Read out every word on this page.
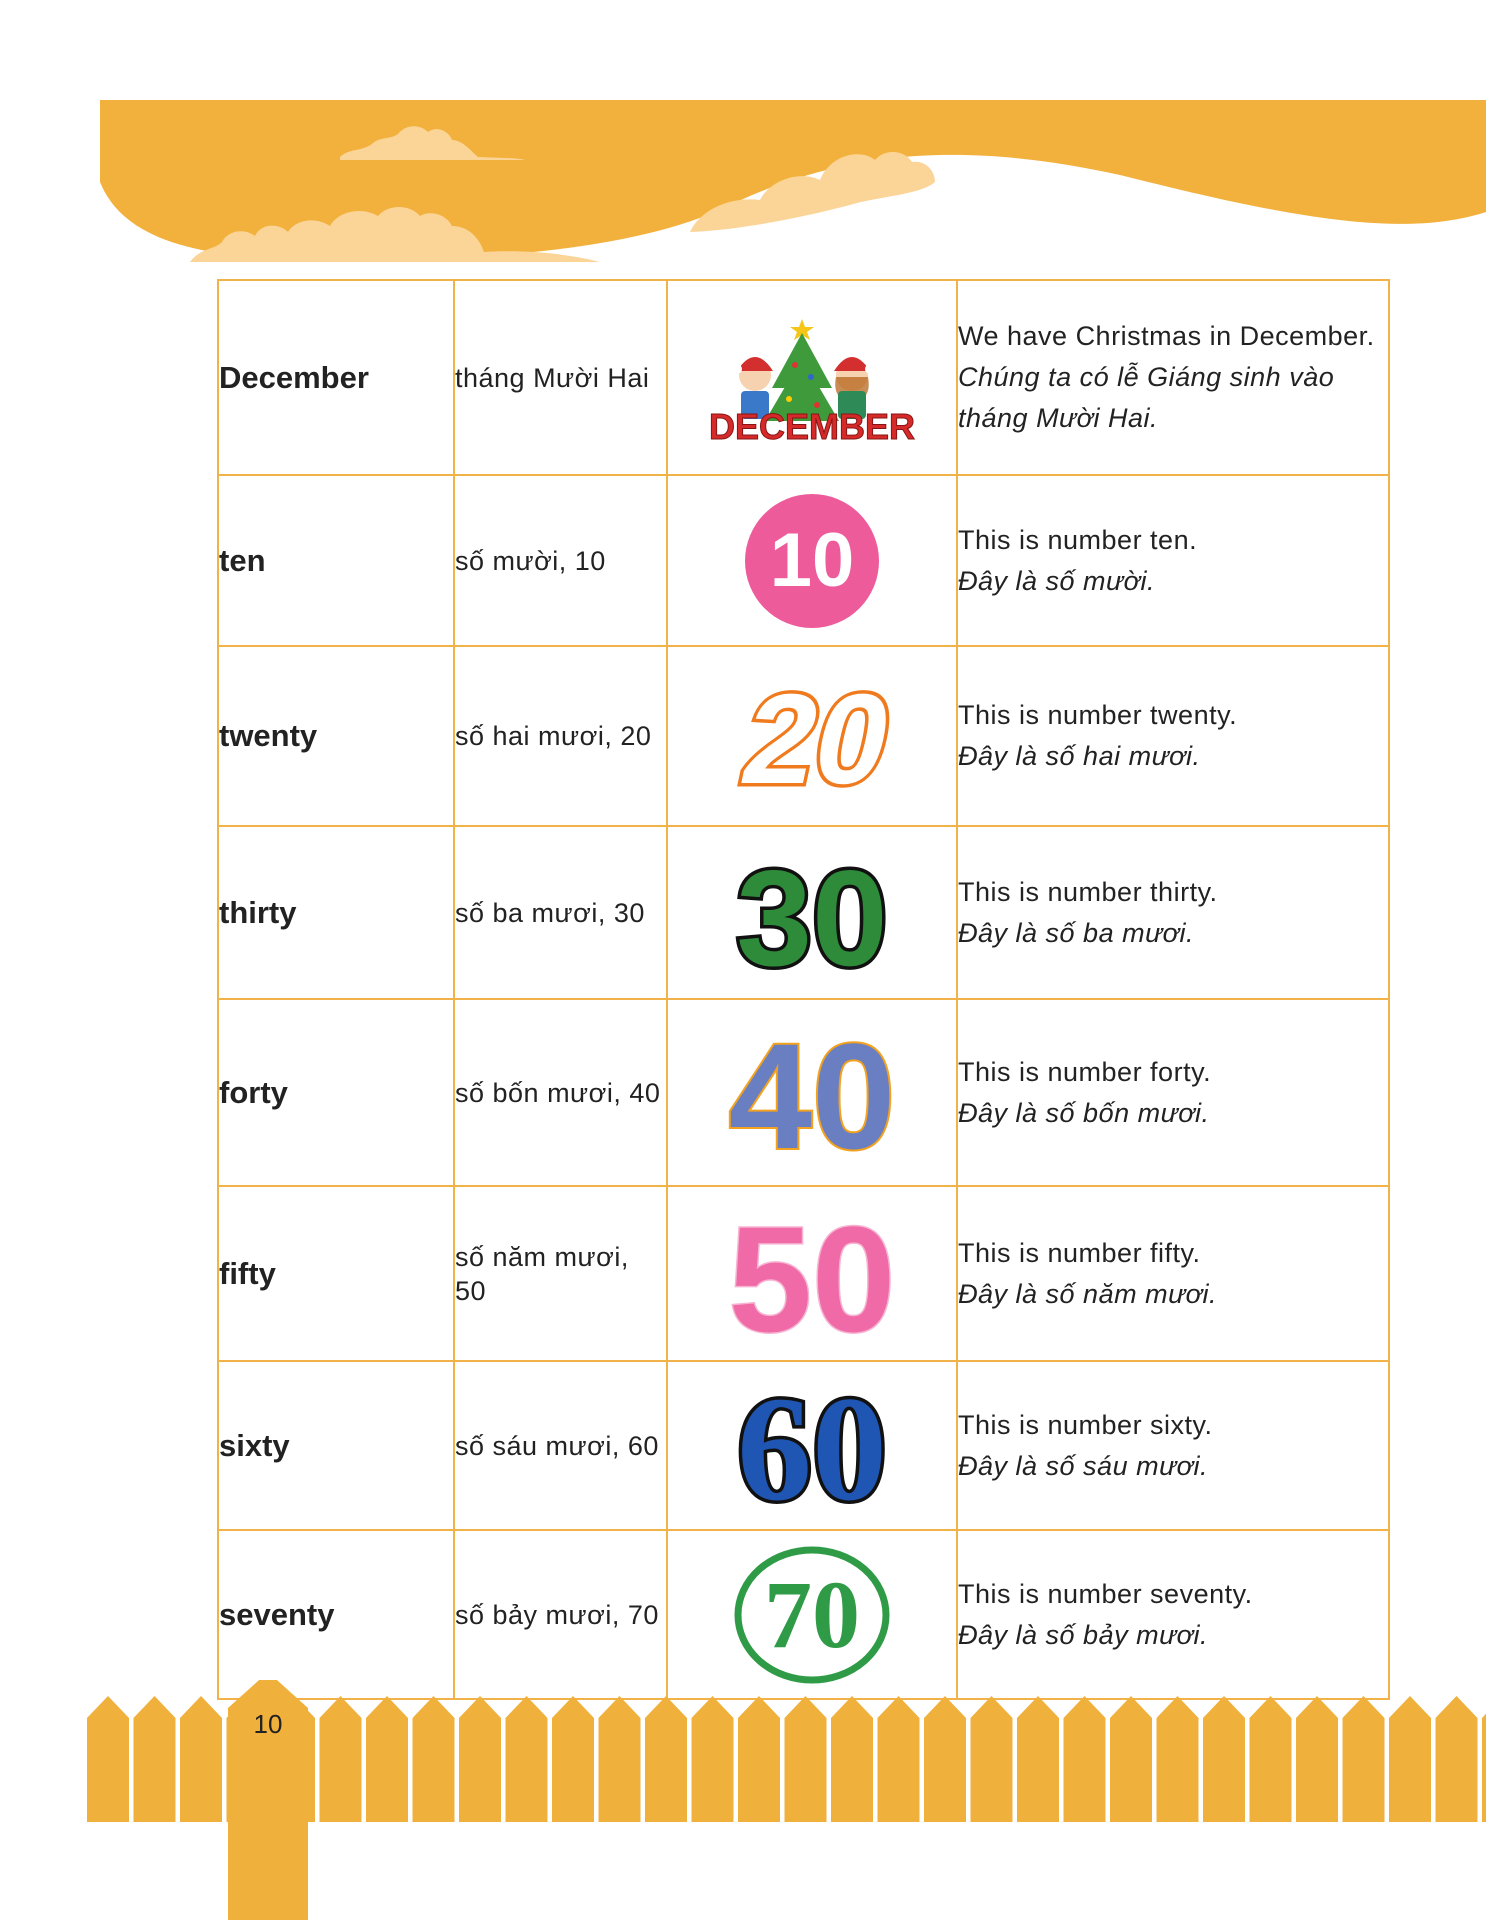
December	tháng Mười Hai	DECEMBER	We have Christmas in December.
Chúng ta có lễ Giáng sinh vào tháng Mười Hai.

ten	số mười, 10	10	This is number ten.
Đây là số mười.

twenty	số hai mươi, 20	20	This is number twenty.
Đây là số hai mươi.

thirty	số ba mươi, 30	30	This is number thirty.
Đây là số ba mươi.

forty	số bốn mươi, 40	40	This is number forty.
Đây là số bốn mươi.

fifty	số năm mươi, 50	50	This is number fifty.
Đây là số năm mươi.

sixty	số sáu mươi, 60	60	This is number sixty.
Đây là số sáu mươi.

seventy	số bảy mươi, 70	70	This is number seventy.
Đây là số bảy mươi.
10
